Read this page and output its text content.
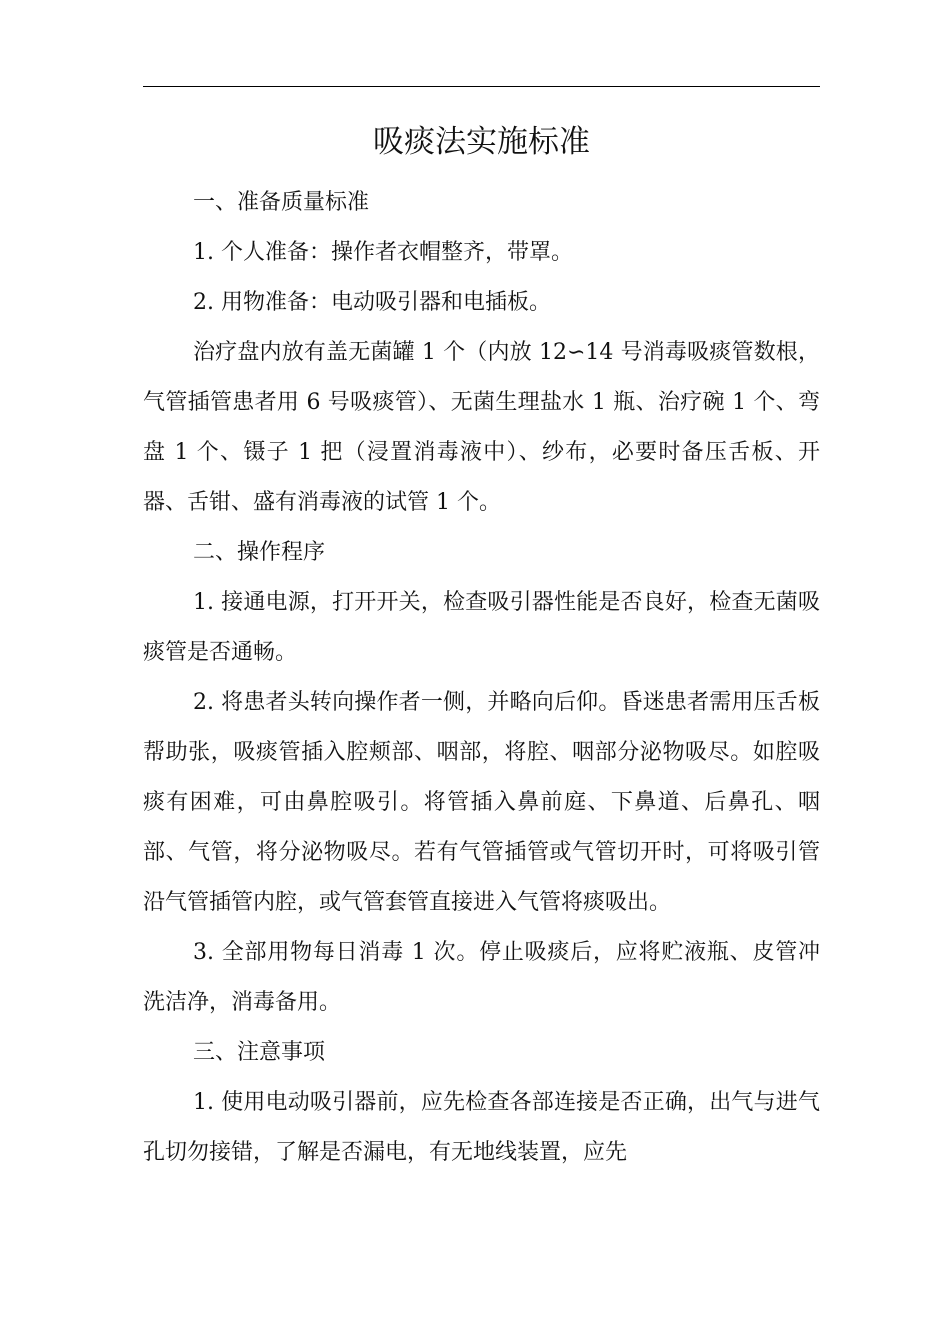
吸痰法实施标准

一、准备质量标准

1. 个人准备：操作者衣帽整齐，带罩。

2. 用物准备：电动吸引器和电插板。

治疗盘内放有盖无菌罐 1 个（内放 12∽14 号消毒吸痰管数根，气管插管患者用 6 号吸痰管）、无菌生理盐水 1 瓶、治疗碗 1 个、弯盘 1 个、镊子 1 把（浸置消毒液中）、纱布，必要时备压舌板、开器、舌钳、盛有消毒液的试管 1 个。

二、操作程序

1. 接通电源，打开开关，检查吸引器性能是否良好，检查无菌吸痰管是否通畅。

2. 将患者头转向操作者一侧，并略向后仰。昏迷患者需用压舌板帮助张，吸痰管插入腔颊部、咽部，将腔、咽部分泌物吸尽。如腔吸痰有困难，可由鼻腔吸引。将管插入鼻前庭、下鼻道、后鼻孔、咽部、气管，将分泌物吸尽。若有气管插管或气管切开时，可将吸引管沿气管插管内腔，或气管套管直接进入气管将痰吸出。

3. 全部用物每日消毒 1 次。停止吸痰后，应将贮液瓶、皮管冲洗洁净，消毒备用。

三、注意事项

1. 使用电动吸引器前，应先检查各部连接是否正确，出气与进气孔切勿接错，了解是否漏电，有无地线装置，应先
